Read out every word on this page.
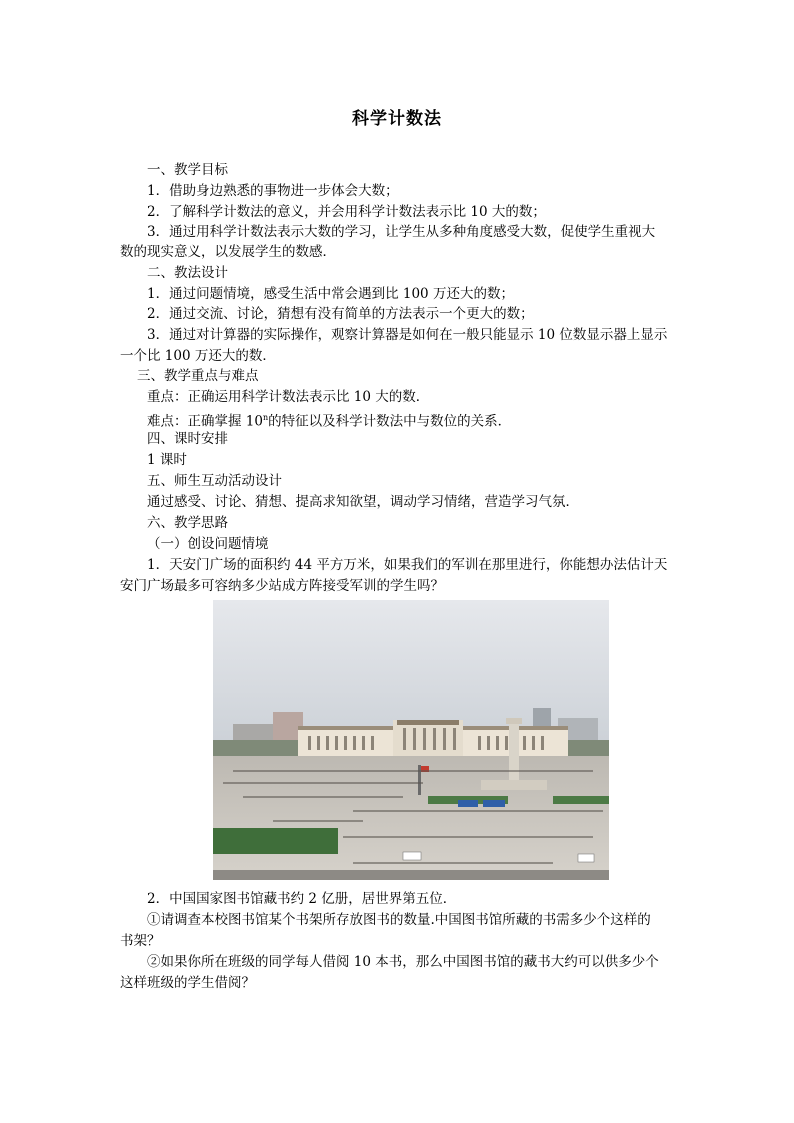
科学计数法
一、教学目标
1．借助身边熟悉的事物进一步体会大数；
2．了解科学计数法的意义，并会用科学计数法表示比 10 大的数；
3．通过用科学计数法表示大数的学习，让学生从多种角度感受大数，促使学生重视大
数的现实意义，以发展学生的数感．
二、教法设计
1．通过问题情境，感受生活中常会遇到比 100 万还大的数；
2．通过交流、讨论，猜想有没有简单的方法表示一个更大的数；
3．通过对计算器的实际操作，观察计算器是如何在一般只能显示 10 位数显示器上显示
一个比 100 万还大的数．
三、教学重点与难点
重点：正确运用科学计数法表示比 10 大的数．
难点：正确掌握 10$^n$的特征以及科学计数法中与数位的关系．
四、课时安排
1 课时
五、师生互动活动设计
通过感受、讨论、猜想、提高求知欲望，调动学习情绪，营造学习气氛．
六、教学思路
（一）创设问题情境
1．天安门广场的面积约 44 平方万米，如果我们的军训在那里进行，你能想办法估计天
安门广场最多可容纳多少站成方阵接受军训的学生吗？
2．中国国家图书馆藏书约 2 亿册，居世界第五位．
①请调查本校图书馆某个书架所存放图书的数量.中国图书馆所藏的书需多少个这样的
书架？
②如果你所在班级的同学每人借阅 10 本书，那么中国图书馆的藏书大约可以供多少个
这样班级的学生借阅？
